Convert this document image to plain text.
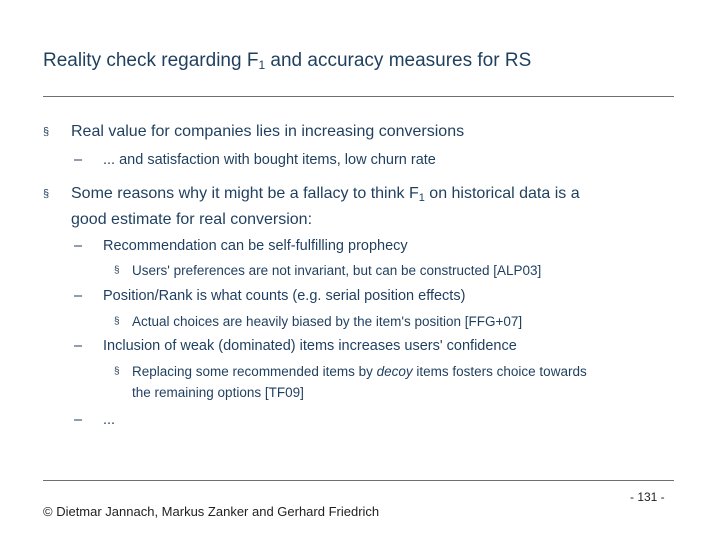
Reality check regarding $F_1$ and accuracy measures for RS
§ Real value for companies lies in increasing conversions
– ... and satisfaction with bought items, low churn rate
§ Some reasons why it might be a fallacy to think $F_1$ on historical data is a
good estimate for real conversion:
– Recommendation can be self-fulfilling prophecy
§ Users' preferences are not invariant, but can be constructed [ALP03]
– Position/Rank is what counts (e.g. serial position effects)
§ Actual choices are heavily biased by the item's position [FFG+07]
– Inclusion of weak (dominated) items increases users' confidence
§ Replacing some recommended items by decoy items fosters choice towards
the remaining options [TF09]
– ...
© Dietmar Jannach, Markus Zanker and Gerhard Friedrich
- 131 -
